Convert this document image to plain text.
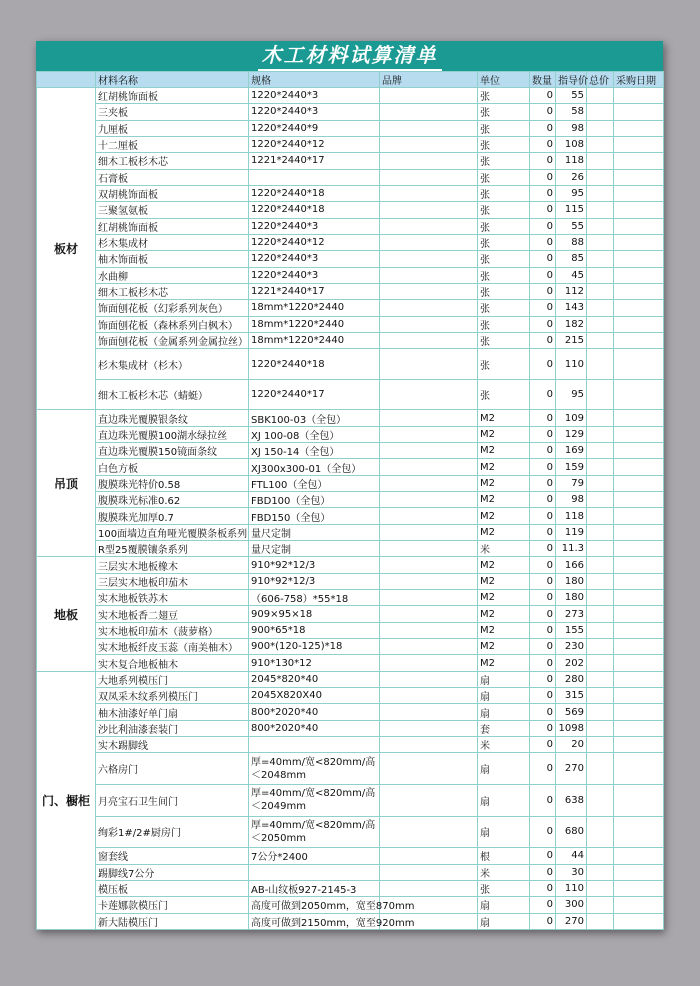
木工材料试算清单
	材料名称	规格	品牌	单位	数量	指导价	总价	采购日期
板材	红胡桃饰面板	1220*2440*3		张	0	55		
	三夹板	1220*2440*3		张	0	58		
	九厘板	1220*2440*9		张	0	98		
	十二厘板	1220*2440*12		张	0	108		
	细木工板杉木芯	1221*2440*17		张	0	118		
	石膏板			张	0	26		
	双胡桃饰面板	1220*2440*18		张	0	95		
	三聚氢氨板	1220*2440*18		张	0	115		
	红胡桃饰面板	1220*2440*3		张	0	55		
	杉木集成材	1220*2440*12		张	0	88		
	柚木饰面板	1220*2440*3		张	0	85		
	水曲柳	1220*2440*3		张	0	45		
	细木工板杉木芯	1221*2440*17		张	0	112		
	饰面刨花板（幻彩系列灰色）	18mm*1220*2440		张	0	143		
	饰面刨花板（森林系列白枫木）	18mm*1220*2440		张	0	182		
	饰面刨花板（金属系列金属拉丝）	18mm*1220*2440		张	0	215		
	杉木集成材（杉木）	1220*2440*18		张	0	110		
	细木工板杉木芯（蜻蜓）	1220*2440*17		张	0	95		
吊顶	直边珠光覆膜银条纹	SBK100-03（全包）		M2	0	109		
	直边珠光覆膜100湖水绿拉丝	XJ 100-08（全包）		M2	0	129		
	直边珠光覆膜150镜面条纹	XJ 150-14（全包）		M2	0	169		
	白色方板	XJ300x300-01（全包）		M2	0	159		
	腹膜珠光特价0.58	FTL100（全包）		M2	0	79		
	腹膜珠光标准0.62	FBD100（全包）		M2	0	98		
	腹膜珠光加厚0.7	FBD150（全包）		M2	0	118		
	100面墙边直角哑光覆膜条板系列	量尺定制		M2	0	119		
	R型25覆膜镶条系列	量尺定制		米	0	11.3		
地板	三层实木地板橡木	910*92*12/3		M2	0	166		
	三层实木地板印茄木	910*92*12/3		M2	0	180		
	实木地板铁苏木	（606-758）*55*18		M2	0	180		
	实木地板香二翅豆	909×95×18		M2	0	273		
	实木地板印茄木（菠萝格）	900*65*18		M2	0	155		
	实木地板纤皮玉蕊（南美柚木）	900*(120-125)*18		M2	0	230		
	实木复合地板柚木	910*130*12		M2	0	202		
门、橱柜	大地系列模压门	2045*820*40		扇	0	280		
	双凤采木纹系列模压门	2045X820X40		扇	0	315		
	柚木油漆好单门扇	800*2020*40		扇	0	569		
	沙比利油漆套装门	800*2020*40		套	0	1098		
	实木踢脚线			米	0	20		
	六格房门	厚=40mm/宽<820mm/高＜2048mm		扇	0	270		
	月亮宝石卫生间门	厚=40mm/宽<820mm/高＜2049mm		扇	0	638		
	绚彩1#/2#厨房门	厚=40mm/宽<820mm/高＜2050mm		扇	0	680		
	窗套线	7公分*2400		根	0	44		
	踢脚线7公分			米	0	30		
	模压板	AB-山纹板927-2145-3		张	0	110		
	卡莲娜款模压门	高度可做到2050mm，宽至870mm		扇	0	300		
	新大陆模压门	高度可做到2150mm，宽至920mm		扇	0	270		
